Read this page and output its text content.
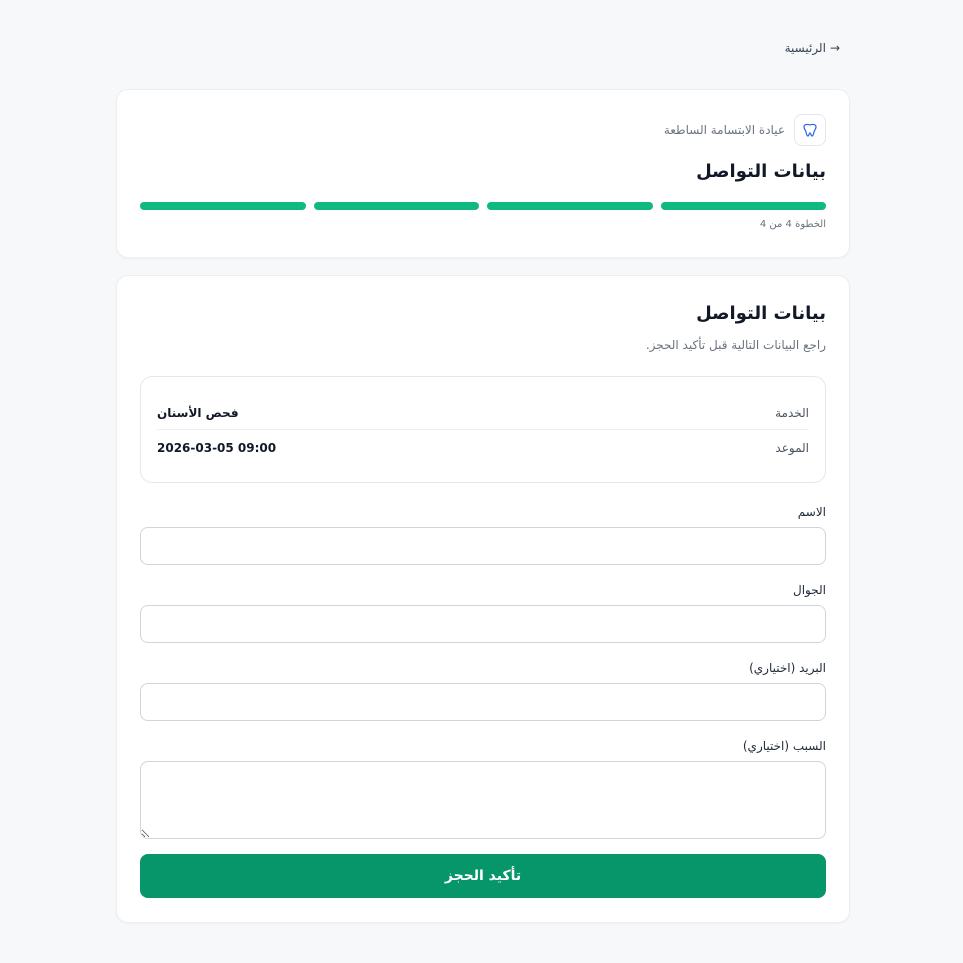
→
الرئيسية
عيادة الابتسامة الساطعة
بيانات التواصل
الخطوة 4 من 4
بيانات التواصل
راجع البيانات التالية قبل تأكيد الحجز.
الخدمة
فحص الأسنان
الموعد
2026-03-05 09:00
الاسم
الجوال
البريد (اختياري)
السبب (اختياري)
تأكيد الحجز
